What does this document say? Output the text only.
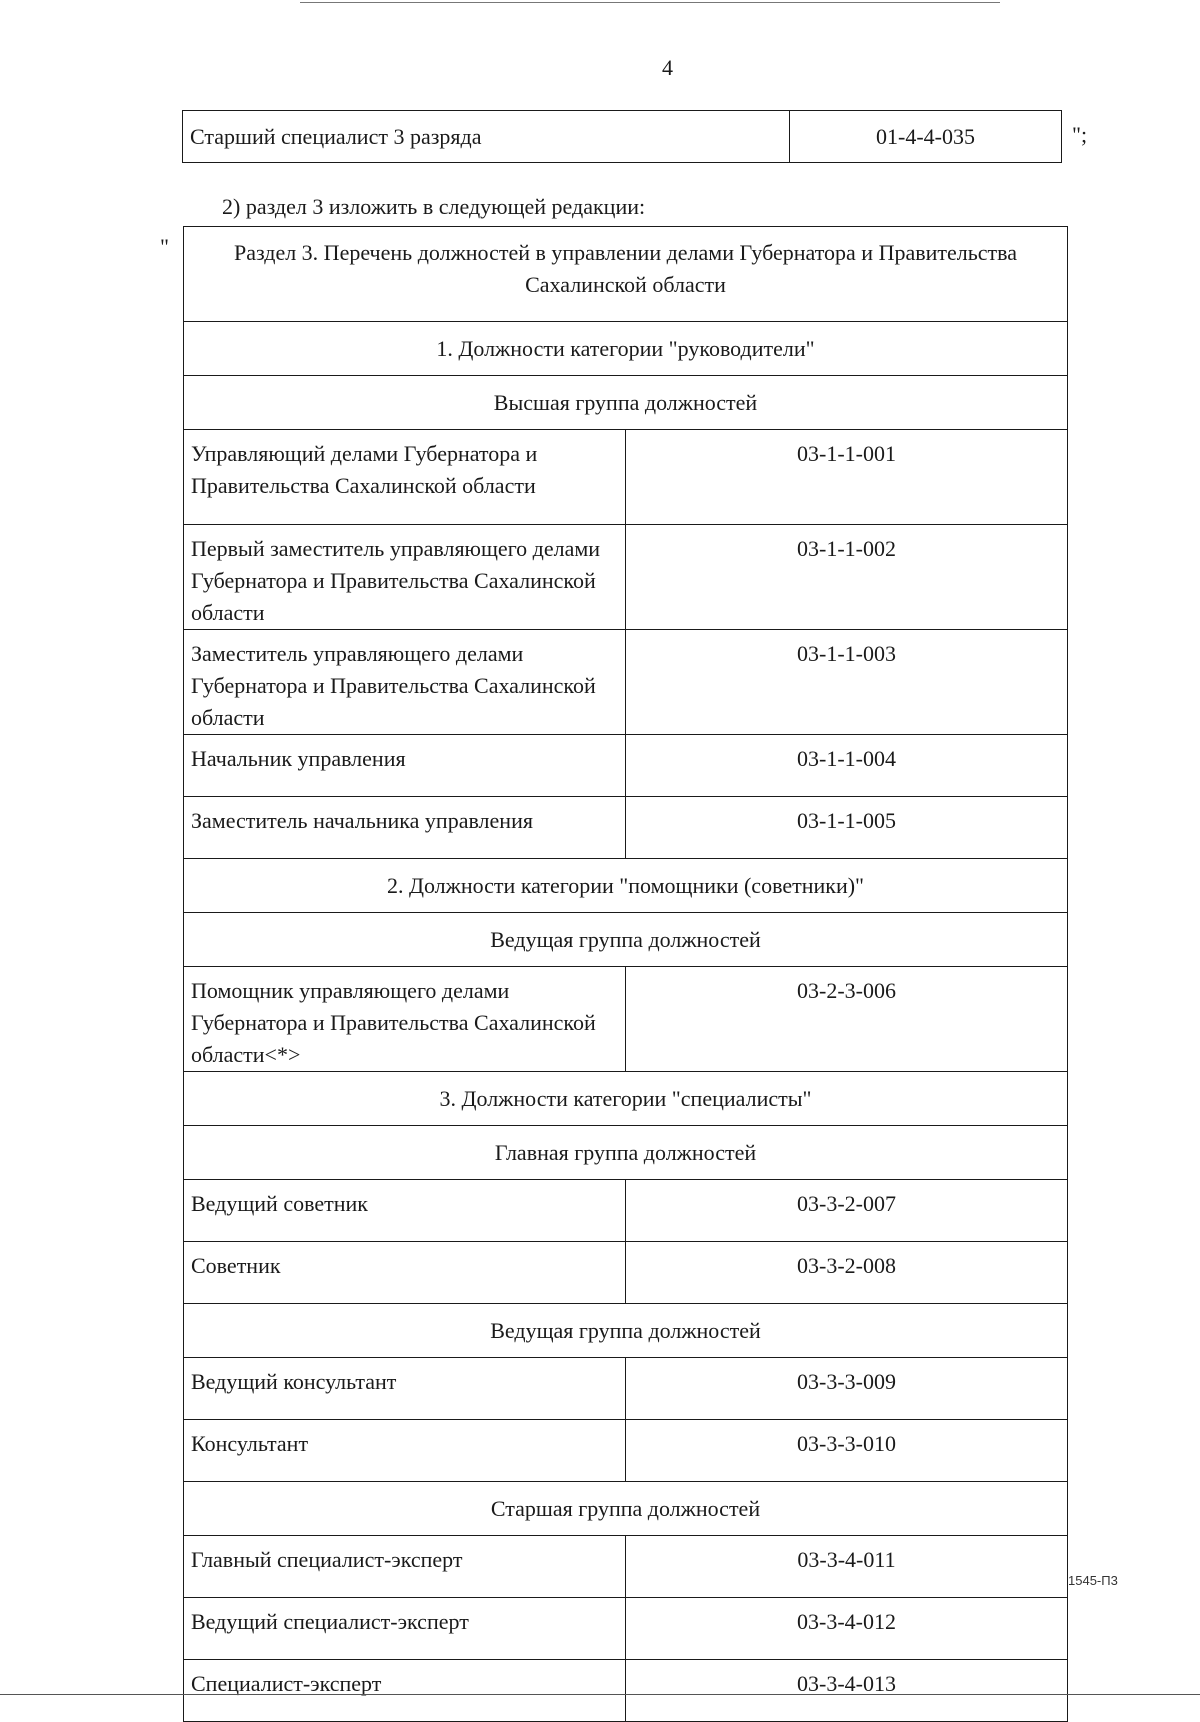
4
Старший специалист 3 разряда	01-4-4-035	";
2) раздел 3 изложить в следующей редакции:
"	Раздел 3. Перечень должностей в управлении делами Губернатора и Правительства Сахалинской области	
1. Должности категории "руководители"	
Высшая группа должностей	
Управляющий делами Губернатора и Правительства Сахалинской области	03-1-1-001
Первый заместитель управляющего делами Губернатора и Правительства Сахалинской области	03-1-1-002
Заместитель управляющего делами Губернатора и Правительства Сахалинской области	03-1-1-003
Начальник управления	03-1-1-004
Заместитель начальника управления	03-1-1-005
2. Должности категории "помощники (советники)"	
Ведущая группа должностей	
Помощник управляющего делами Губернатора и Правительства Сахалинской области<*>	03-2-3-006
3. Должности категории "специалисты"	
Главная группа должностей	
Ведущий советник	03-3-2-007
Советник	03-3-2-008
Ведущая группа должностей	
Ведущий консультант	03-3-3-009
Консультант	03-3-3-010
Старшая группа должностей	
Главный специалист-эксперт	03-3-4-011
Ведущий специалист-эксперт	03-3-4-012
Специалист-эксперт	03-3-4-013
1545-П3
